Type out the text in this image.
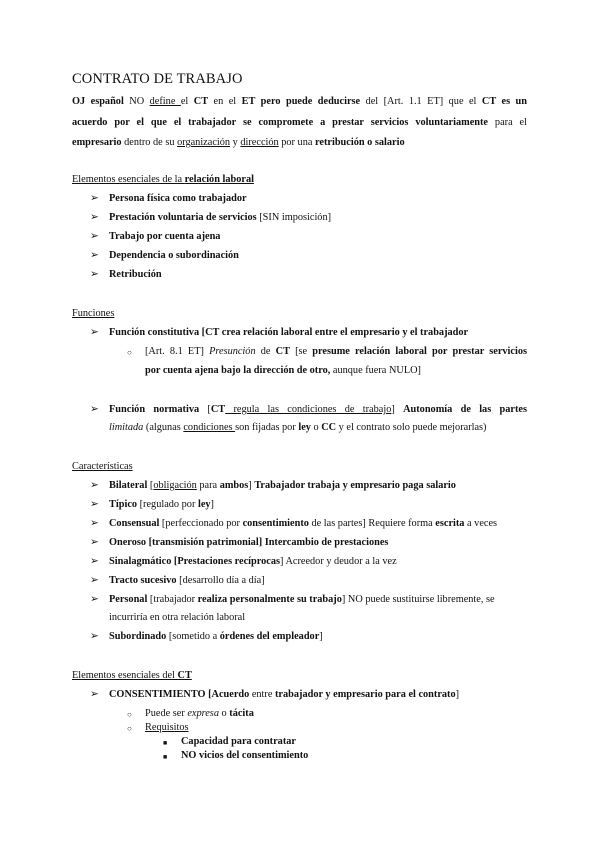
CONTRATO DE TRABAJO
OJ español NO define el CT en el ET pero puede deducirse del [Art. 1.1 ET] que el CT es un
acuerdo por el que el trabajador se compromete a prestar servicios voluntariamente para el
empresario dentro de su organización y dirección por una retribución o salario
Elementos esenciales de la relación laboral
➢ Persona física como trabajador
➢ Prestación voluntaria de servicios [SIN imposición]
➢ Trabajo por cuenta ajena
➢ Dependencia o subordinación
➢ Retribución
Funciones
➢ Función constitutiva [CT crea relación laboral entre el empresario y el trabajador
○ [Art. 8.1 ET] Presunción de CT [se presume relación laboral por prestar servicios
por cuenta ajena bajo la dirección de otro, aunque fuera NULO]
➢ Función normativa [CT regula las condiciones de trabajo] Autonomía de las partes
limitada (algunas condiciones son fijadas por ley o CC y el contrato solo puede mejorarlas)
Características
➢ Bilateral [obligación para ambos] Trabajador trabaja y empresario paga salario
➢ Típico [regulado por ley]
➢ Consensual [perfeccionado por consentimiento de las partes] Requiere forma escrita a veces
➢ Oneroso [transmisión patrimonial] Intercambio de prestaciones
➢ Sinalagmático [Prestaciones recíprocas] Acreedor y deudor a la vez
➢ Tracto sucesivo [desarrollo día a día]
➢ Personal [trabajador realiza personalmente su trabajo] NO puede sustituirse libremente, se
incurriría en otra relación laboral
➢ Subordinado [sometido a órdenes del empleador]
Elementos esenciales del CT
➢ CONSENTIMIENTO [Acuerdo entre trabajador y empresario para el contrato]
○ Puede ser expresa o tácita
○ Requisitos
■ Capacidad para contratar
■ NO vicios del consentimiento
